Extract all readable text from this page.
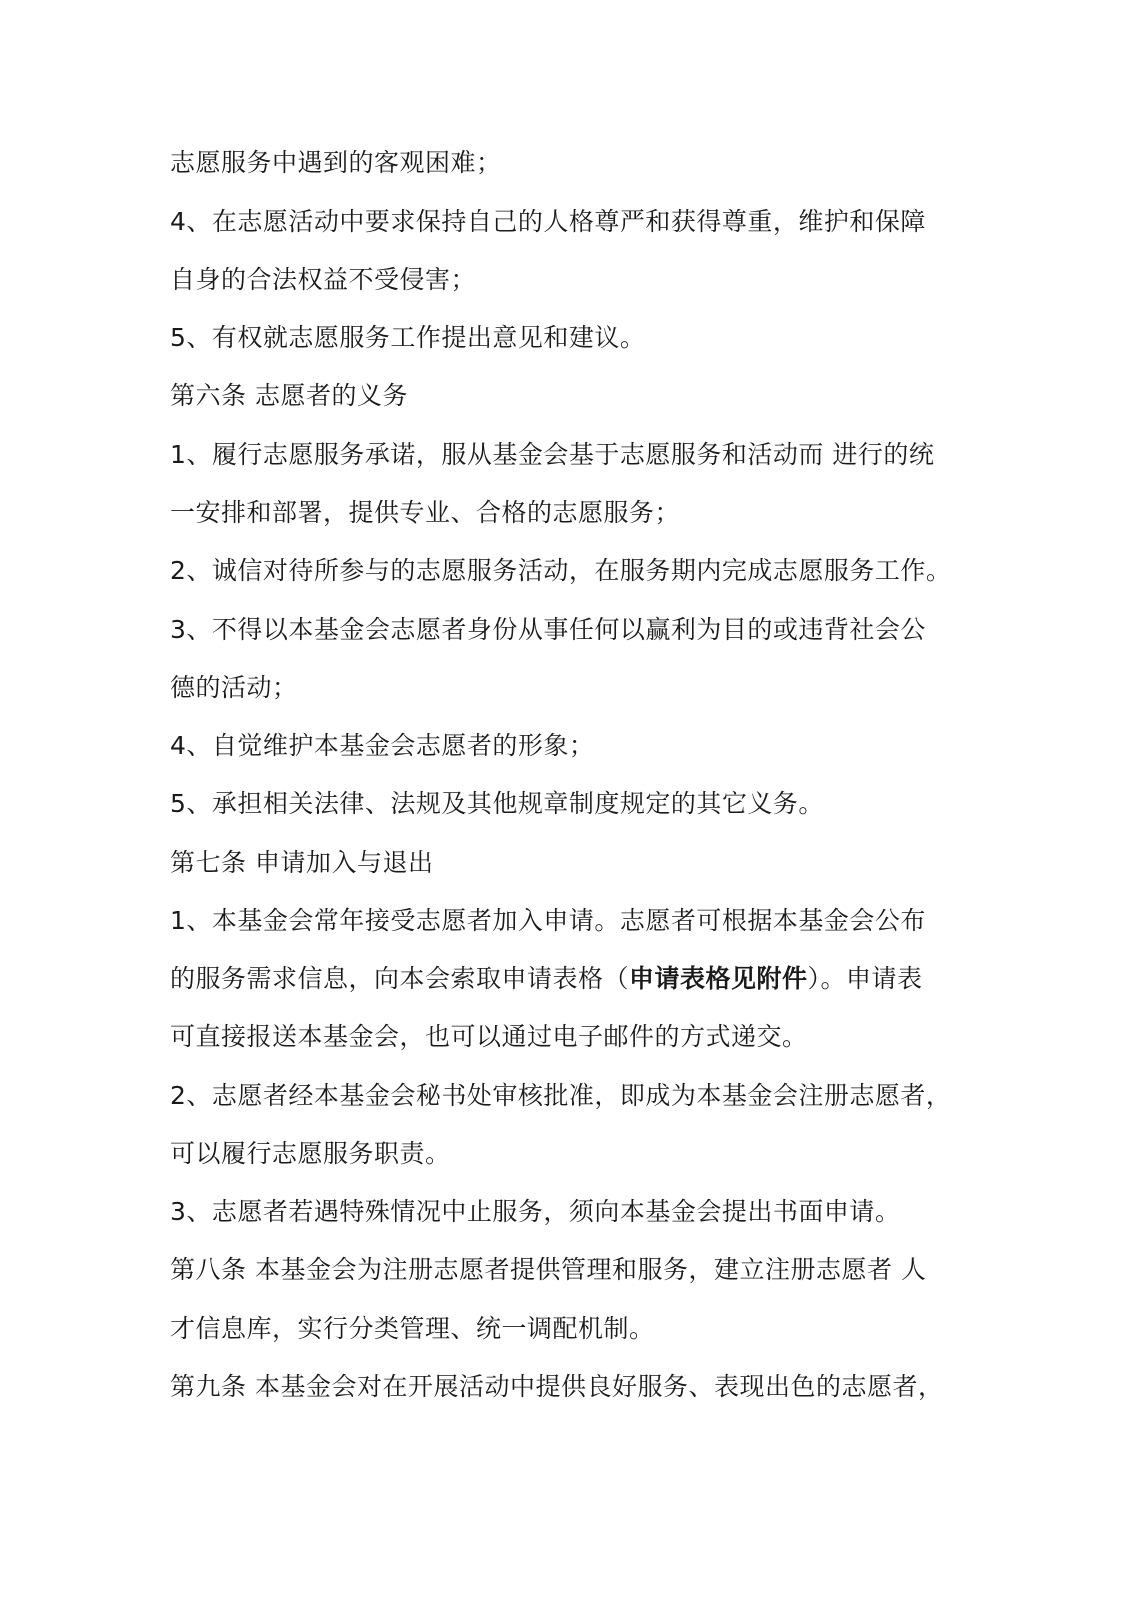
志愿服务中遇到的客观困难；
4、在志愿活动中要求保持自己的人格尊严和获得尊重，维护和保障
自身的合法权益不受侵害；
5、有权就志愿服务工作提出意见和建议。
第六条 志愿者的义务
1、履行志愿服务承诺，服从基金会基于志愿服务和活动而 进行的统
一安排和部署，提供专业、合格的志愿服务；
2、诚信对待所参与的志愿服务活动，在服务期内完成志愿服务工作。
3、不得以本基金会志愿者身份从事任何以赢利为目的或违背社会公
德的活动；
4、自觉维护本基金会志愿者的形象；
5、承担相关法律、法规及其他规章制度规定的其它义务。
第七条 申请加入与退出
1、本基金会常年接受志愿者加入申请。志愿者可根据本基金会公布
的服务需求信息，向本会索取申请表格（申请表格见附件）。申请表
可直接报送本基金会，也可以通过电子邮件的方式递交。
2、志愿者经本基金会秘书处审核批准，即成为本基金会注册志愿者，
可以履行志愿服务职责。
3、志愿者若遇特殊情况中止服务，须向本基金会提出书面申请。
第八条 本基金会为注册志愿者提供管理和服务，建立注册志愿者 人
才信息库，实行分类管理、统一调配机制。
第九条 本基金会对在开展活动中提供良好服务、表现出色的志愿者，
